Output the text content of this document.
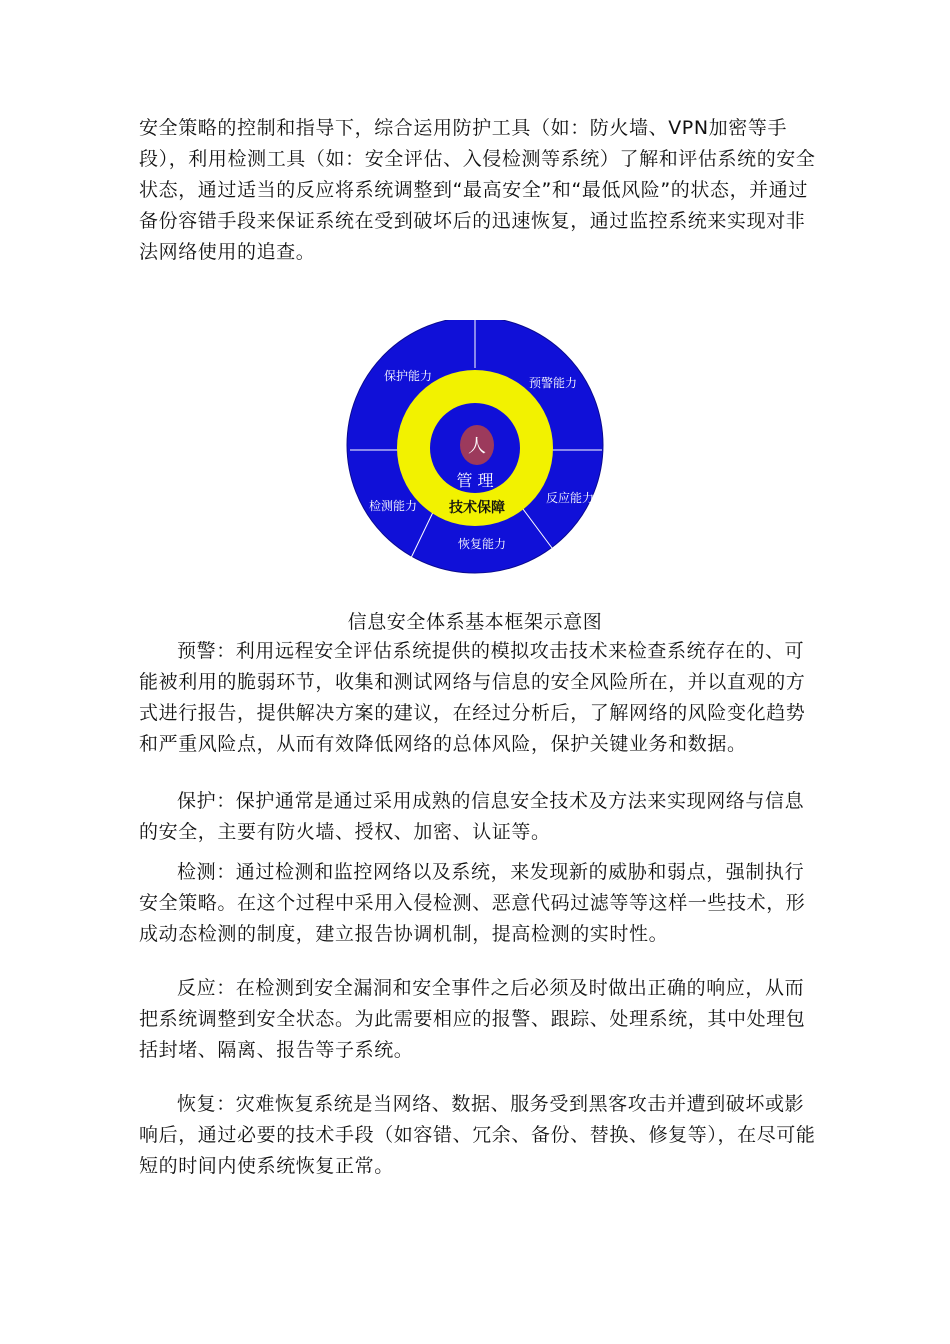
安全策略的控制和指导下，综合运用防护工具（如：防火墙、VPN加密等手段），利用检测工具（如：安全评估、入侵检测等系统）了解和评估系统的安全状态，通过适当的反应将系统调整到“最高安全”和“最低风险”的状态，并通过备份容错手段来保证系统在受到破坏后的迅速恢复，通过监控系统来实现对非法网络使用的追查。

人
管 理
技术保障
保护能力	预警能力
检测能力
反应能力
恢复能力

信息安全体系基本框架示意图

预警：利用远程安全评估系统提供的模拟攻击技术来检查系统存在的、可能被利用的脆弱环节，收集和测试网络与信息的安全风险所在，并以直观的方式进行报告，提供解决方案的建议，在经过分析后，了解网络的风险变化趋势和严重风险点，从而有效降低网络的总体风险，保护关键业务和数据。

保护：保护通常是通过采用成熟的信息安全技术及方法来实现网络与信息的安全，主要有防火墙、授权、加密、认证等。

检测：通过检测和监控网络以及系统，来发现新的威胁和弱点，强制执行安全策略。在这个过程中采用入侵检测、恶意代码过滤等等这样一些技术，形成动态检测的制度，建立报告协调机制，提高检测的实时性。

反应：在检测到安全漏洞和安全事件之后必须及时做出正确的响应，从而把系统调整到安全状态。为此需要相应的报警、跟踪、处理系统，其中处理包括封堵、隔离、报告等子系统。

恢复：灾难恢复系统是当网络、数据、服务受到黑客攻击并遭到破坏或影响后，通过必要的技术手段（如容错、冗余、备份、替换、修复等），在尽可能短的时间内使系统恢复正常。
